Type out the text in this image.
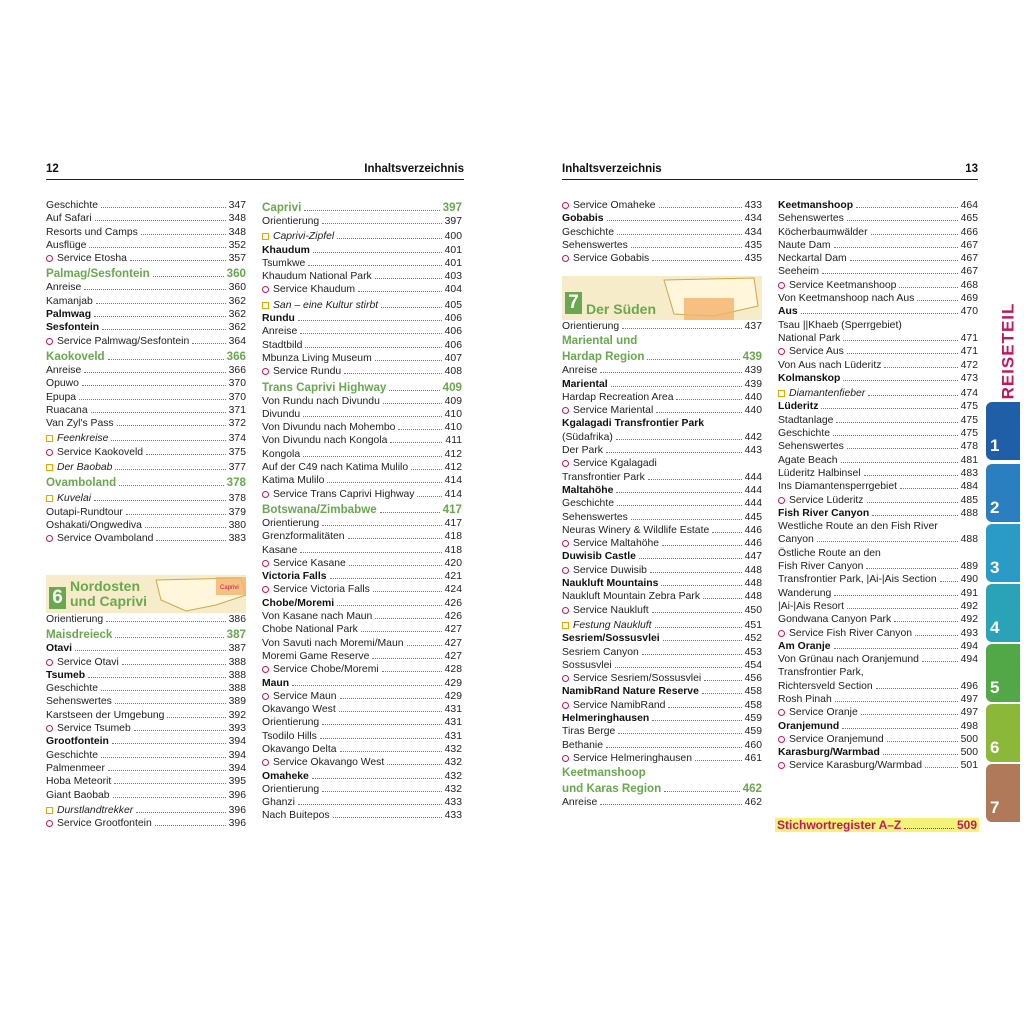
12	Inhaltsverzeichnis	Inhaltsverzeichnis	13
Geschichte	347
Auf Safari	348
Resorts und Camps	348
Ausflüge	352
Service Etosha	357
Palmag/Sesfontein	360
Anreise	360
Kamanjab	362
Palmwag	362
Sesfontein	362
Service Palmwag/Sesfontein	364
Kaokoveld	366
Anreise	366
Opuwo	370
Epupa	370
Ruacana	371
Van Zyl's Pass	372
Feenkreise	374
Service Kaokoveld	375
Der Baobab	377
Ovamboland	378
Kuvelai	378
Outapi-Rundtour	379
Oshakati/Ongwediva	380
Service Ovamboland	383
6
Nordosten
und Caprivi
Caprivi
Orientierung	386
Maisdreieck	387
Otavi	387
Service Otavi	388
Tsumeb	388
Geschichte	388
Sehenswertes	389
Karstseen der Umgebung	392
Service Tsumeb	393
Grootfontein	394
Geschichte	394
Palmenmeer	394
Hoba Meteorit	395
Giant Baobab	396
Durstlandtrekker	396
Service Grootfontein	396
Caprivi	397
Orientierung	397
Caprivi-Zipfel	400
Khaudum	401
Tsumkwe	401
Khaudum National Park	403
Service Khaudum	404
San – eine Kultur stirbt	405
Rundu	406
Anreise	406
Stadtbild	406
Mbunza Living Museum	407
Service Rundu	408
Trans Caprivi Highway	409
Von Rundu nach Divundu	409
Divundu	410
Von Divundu nach Mohembo	410
Von Divundu nach Kongola	411
Kongola	412
Auf der C49 nach Katima Mulilo	412
Katima Mulilo	414
Service Trans Caprivi Highway	414
Botswana/Zimbabwe	417
Orientierung	417
Grenzformalitäten	418
Kasane	418
Service Kasane	420
Victoria Falls	421
Service Victoria Falls	424
Chobe/Moremi	426
Von Kasane nach Maun	426
Chobe National Park	427
Von Savuti nach Moremi/Maun	427
Moremi Game Reserve	427
Service Chobe/Moremi	428
Maun	429
Service Maun	429
Okavango West	431
Orientierung	431
Tsodilo Hills	431
Okavango Delta	432
Service Okavango West	432
Omaheke	432
Orientierung	432
Ghanzi	433
Nach Buitepos	433
Service Omaheke	433
Gobabis	434
Geschichte	434
Sehenswertes	435
Service Gobabis	435
7 Der Süden
Orientierung	437
Mariental und
Hardap Region	439
Anreise	439
Mariental	439
Hardap Recreation Area	440
Service Mariental	440
Kgalagadi Transfrontier Park
(Südafrika)	442
Der Park	443
Service Kgalagadi
Transfrontier Park	444
Maltahöhe	444
Geschichte	444
Sehenswertes	445
Neuras Winery & Wildlife Estate	446
Service Maltahöhe	446
Duwisib Castle	447
Service Duwisib	448
Naukluft Mountains	448
Naukluft Mountain Zebra Park	448
Service Naukluft	450
Festung Naukluft	451
Sesriem/Sossusvlei	452
Sesriem Canyon	453
Sossusvlei	454
Service Sesriem/Sossusvlei	456
NamibRand Nature Reserve	458
Service NamibRand	458
Helmeringhausen	459
Tiras Berge	459
Bethanie	460
Service Helmeringhausen	461
Keetmanshoop
und Karas Region	462
Anreise	462
Keetmanshoop	464
Sehenswertes	465
Köcherbaumwälder	466
Naute Dam	467
Neckartal Dam	467
Seeheim	467
Service Keetmanshoop	468
Von Keetmanshoop nach Aus	469
Aus	470
Tsau ||Khaeb (Sperrgebiet)
National Park	471
Service Aus	471
Von Aus nach Lüderitz	472
Kolmanskop	473
Diamantenfieber	474
Lüderitz	475
Stadtanlage	475
Geschichte	475
Sehenswertes	478
Agate Beach	481
Lüderitz Halbinsel	483
Ins Diamantensperrgebiet	484
Service Lüderitz	485
Fish River Canyon	488
Westliche Route an den Fish River
Canyon	488
Östliche Route an den
Fish River Canyon	489
Transfrontier Park, |Ai-|Ais Section 490
Wanderung	491
|Ai-|Ais Resort	492
Gondwana Canyon Park	492
Service Fish River Canyon	493
Am Oranje	494
Von Grünau nach Oranjemund	494
Transfrontier Park,
Richtersveld Section	496
Rosh Pinah	497
Service Oranje	497
Oranjemund	498
Service Oranjemund	500
Karasburg/Warmbad	500
Service Karasburg/Warmbad	501
Stichwortregister A–Z	509
REISETEIL
1
2
3
4
5
6
7
